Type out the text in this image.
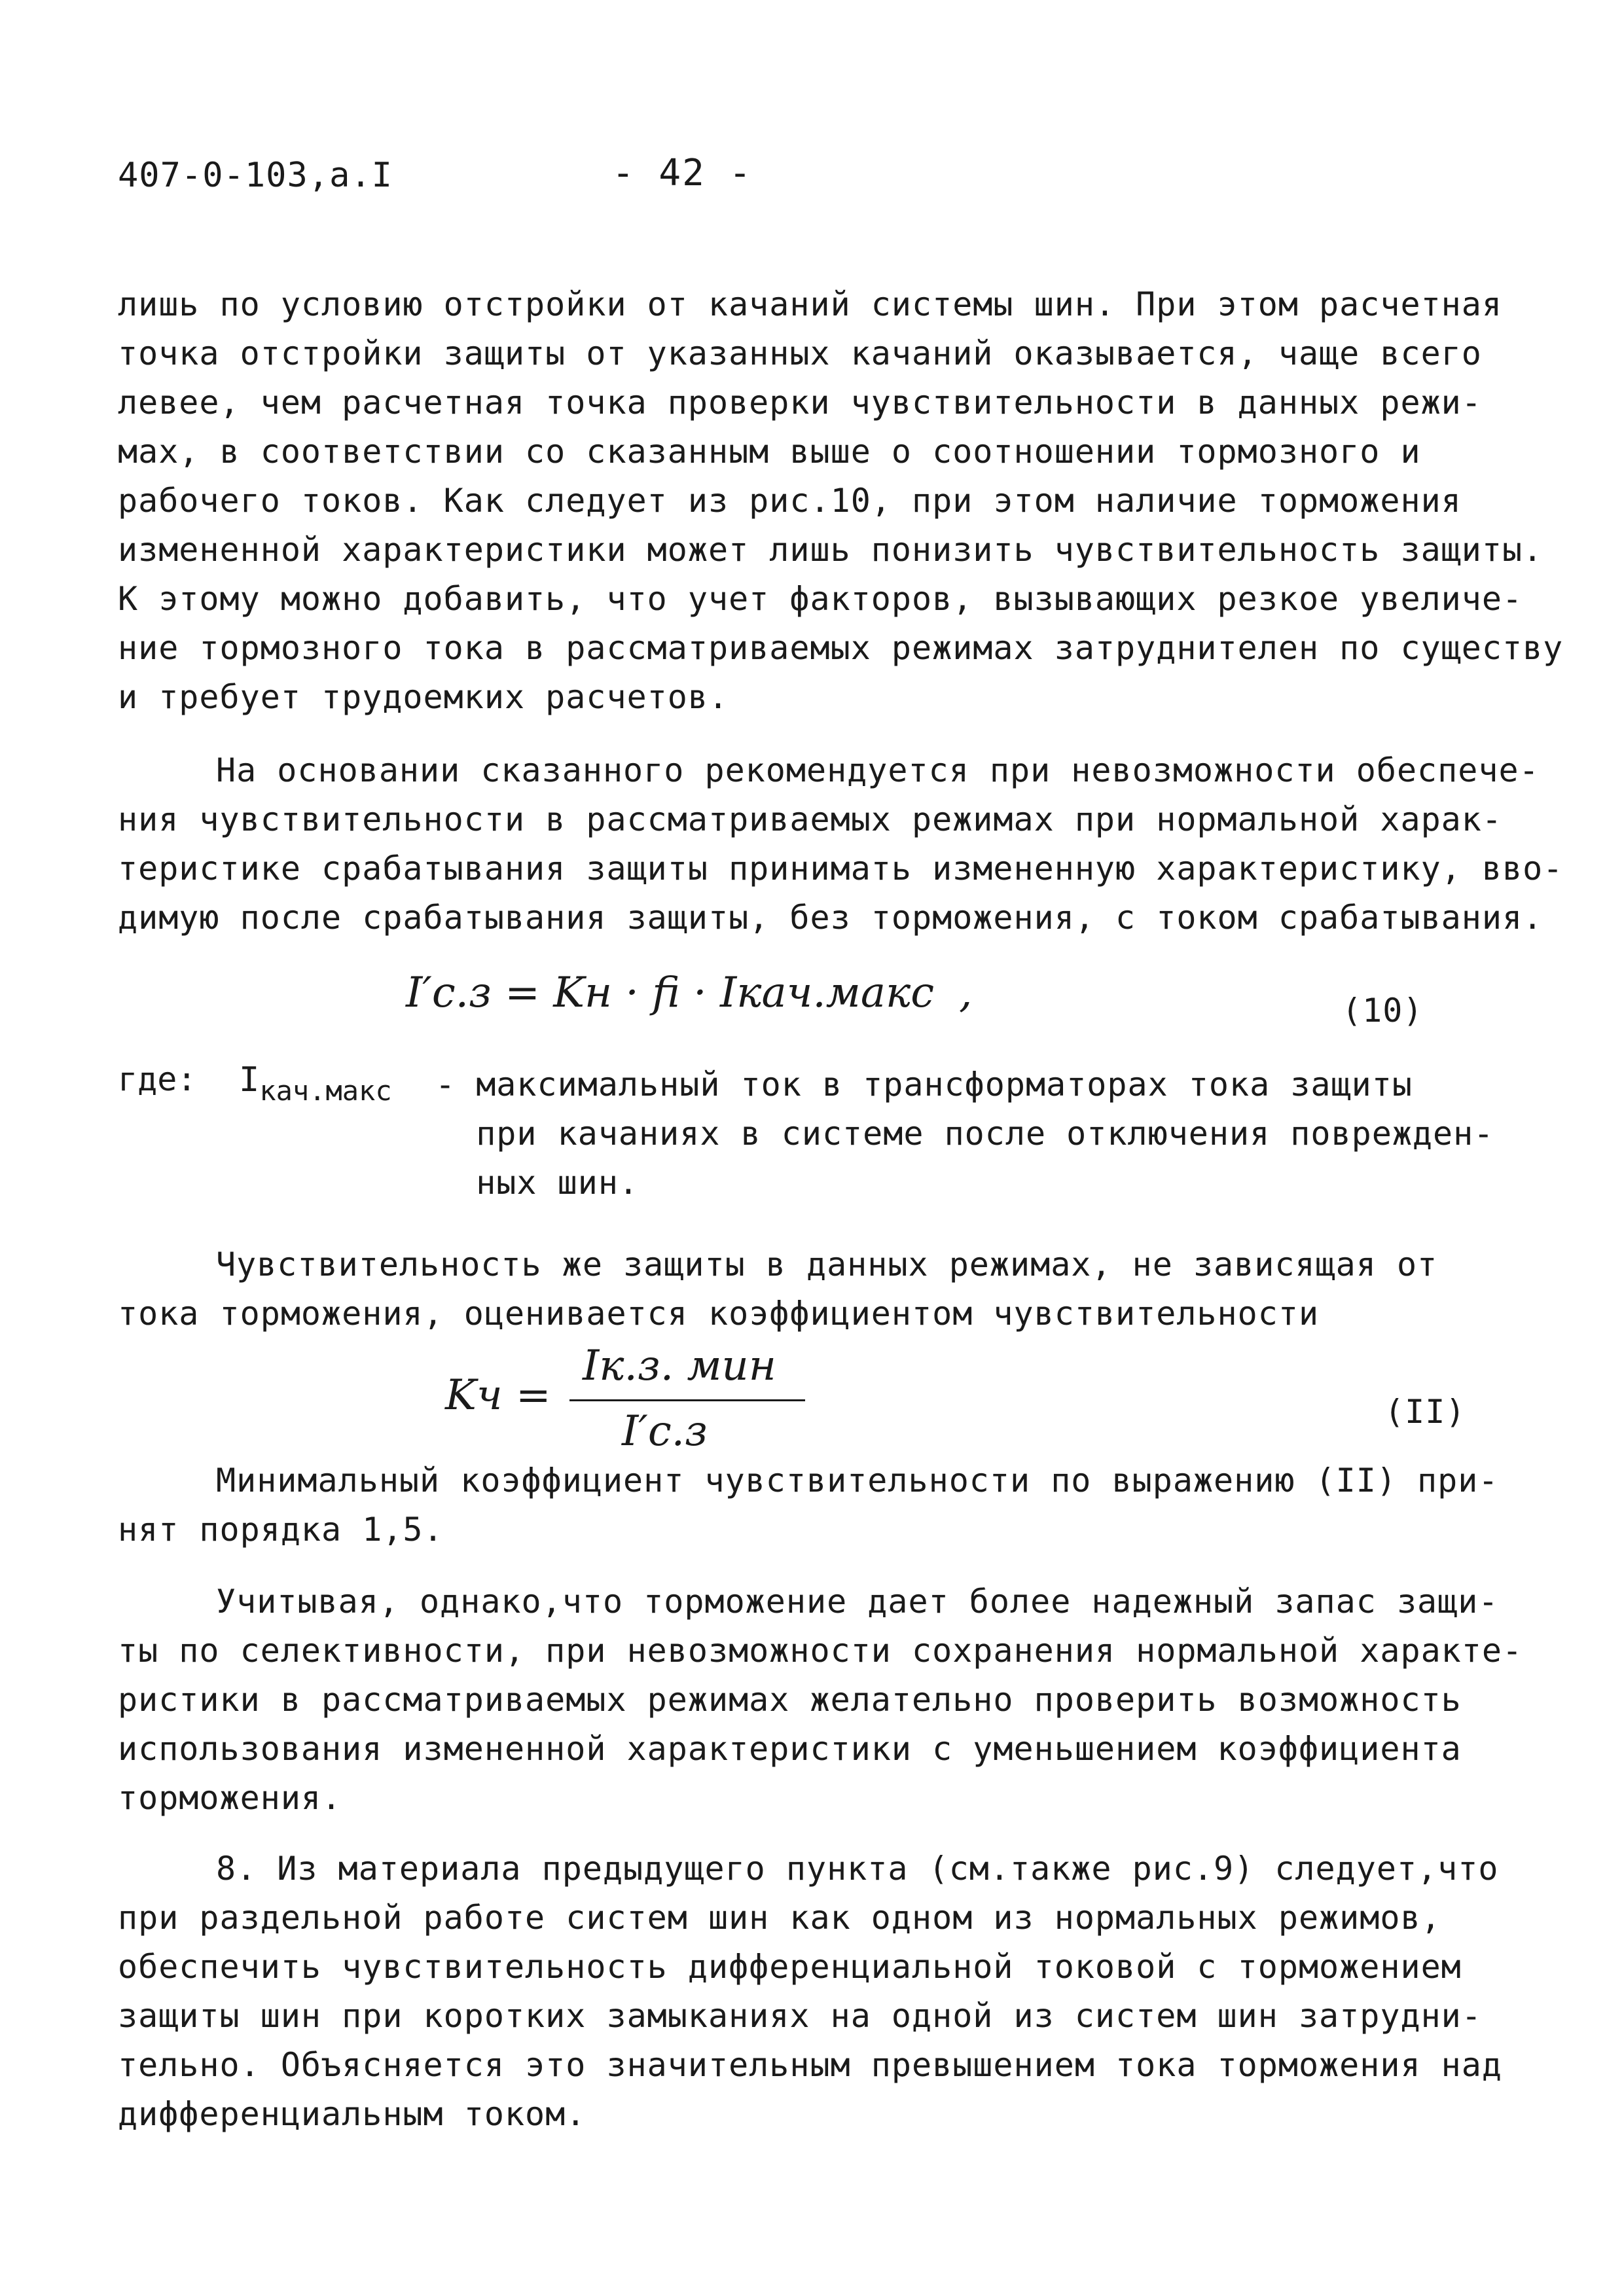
407-0-103,а.I	- 42 -
лишь по условию отстройки от качаний системы шин. При этом расчетная
точка отстройки защиты от указанных качаний оказывается, чаще всего
левее, чем расчетная точка проверки чувствительности в данных режи-
мах, в соответствии со сказанным выше о соотношении тормозного и
рабочего токов. Как следует из рис.10, при этом наличие торможения
измененной характеристики может лишь понизить чувствительность защиты.
К этому можно добавить, что учет факторов, вызывающих резкое увеличе-
ние тормозного тока в рассматриваемых режимах затруднителен по существу
и требует трудоемких расчетов.
На основании сказанного рекомендуется при невозможности обеспече-
ния чувствительности в рассматриваемых режимах при нормальной харак-
теристике срабатывания защиты принимать измененную характеристику, вво-
димую после срабатывания защиты, без торможения, с током срабатывания.
I′с.з = Kн · fi · Iкач.макс ,	(10)
где: $I_{кач.макс}$ - максимальный ток в трансформаторах тока защиты
при качаниях в системе после отключения поврежден-
ных шин.
Чувствительность же защиты в данных режимах, не зависящая от
тока торможения, оценивается коэффициентом чувствительности
Kч =
Iк.з. мин
I′с.з	(II)
Минимальный коэффициент чувствительности по выражению (II) при-
нят порядка 1,5.
Учитывая, однако,что торможение дает более надежный запас защи-
ты по селективности, при невозможности сохранения нормальной характе-
ристики в рассматриваемых режимах желательно проверить возможность
использования измененной характеристики с уменьшением коэффициента
торможения.
8. Из материала предыдущего пункта (см.также рис.9) следует,что
при раздельной работе систем шин как одном из нормальных режимов,
обеспечить чувствительность дифференциальной токовой с торможением
защиты шин при коротких замыканиях на одной из систем шин затрудни-
тельно. Объясняется это значительным превышением тока торможения над
дифференциальным током.
